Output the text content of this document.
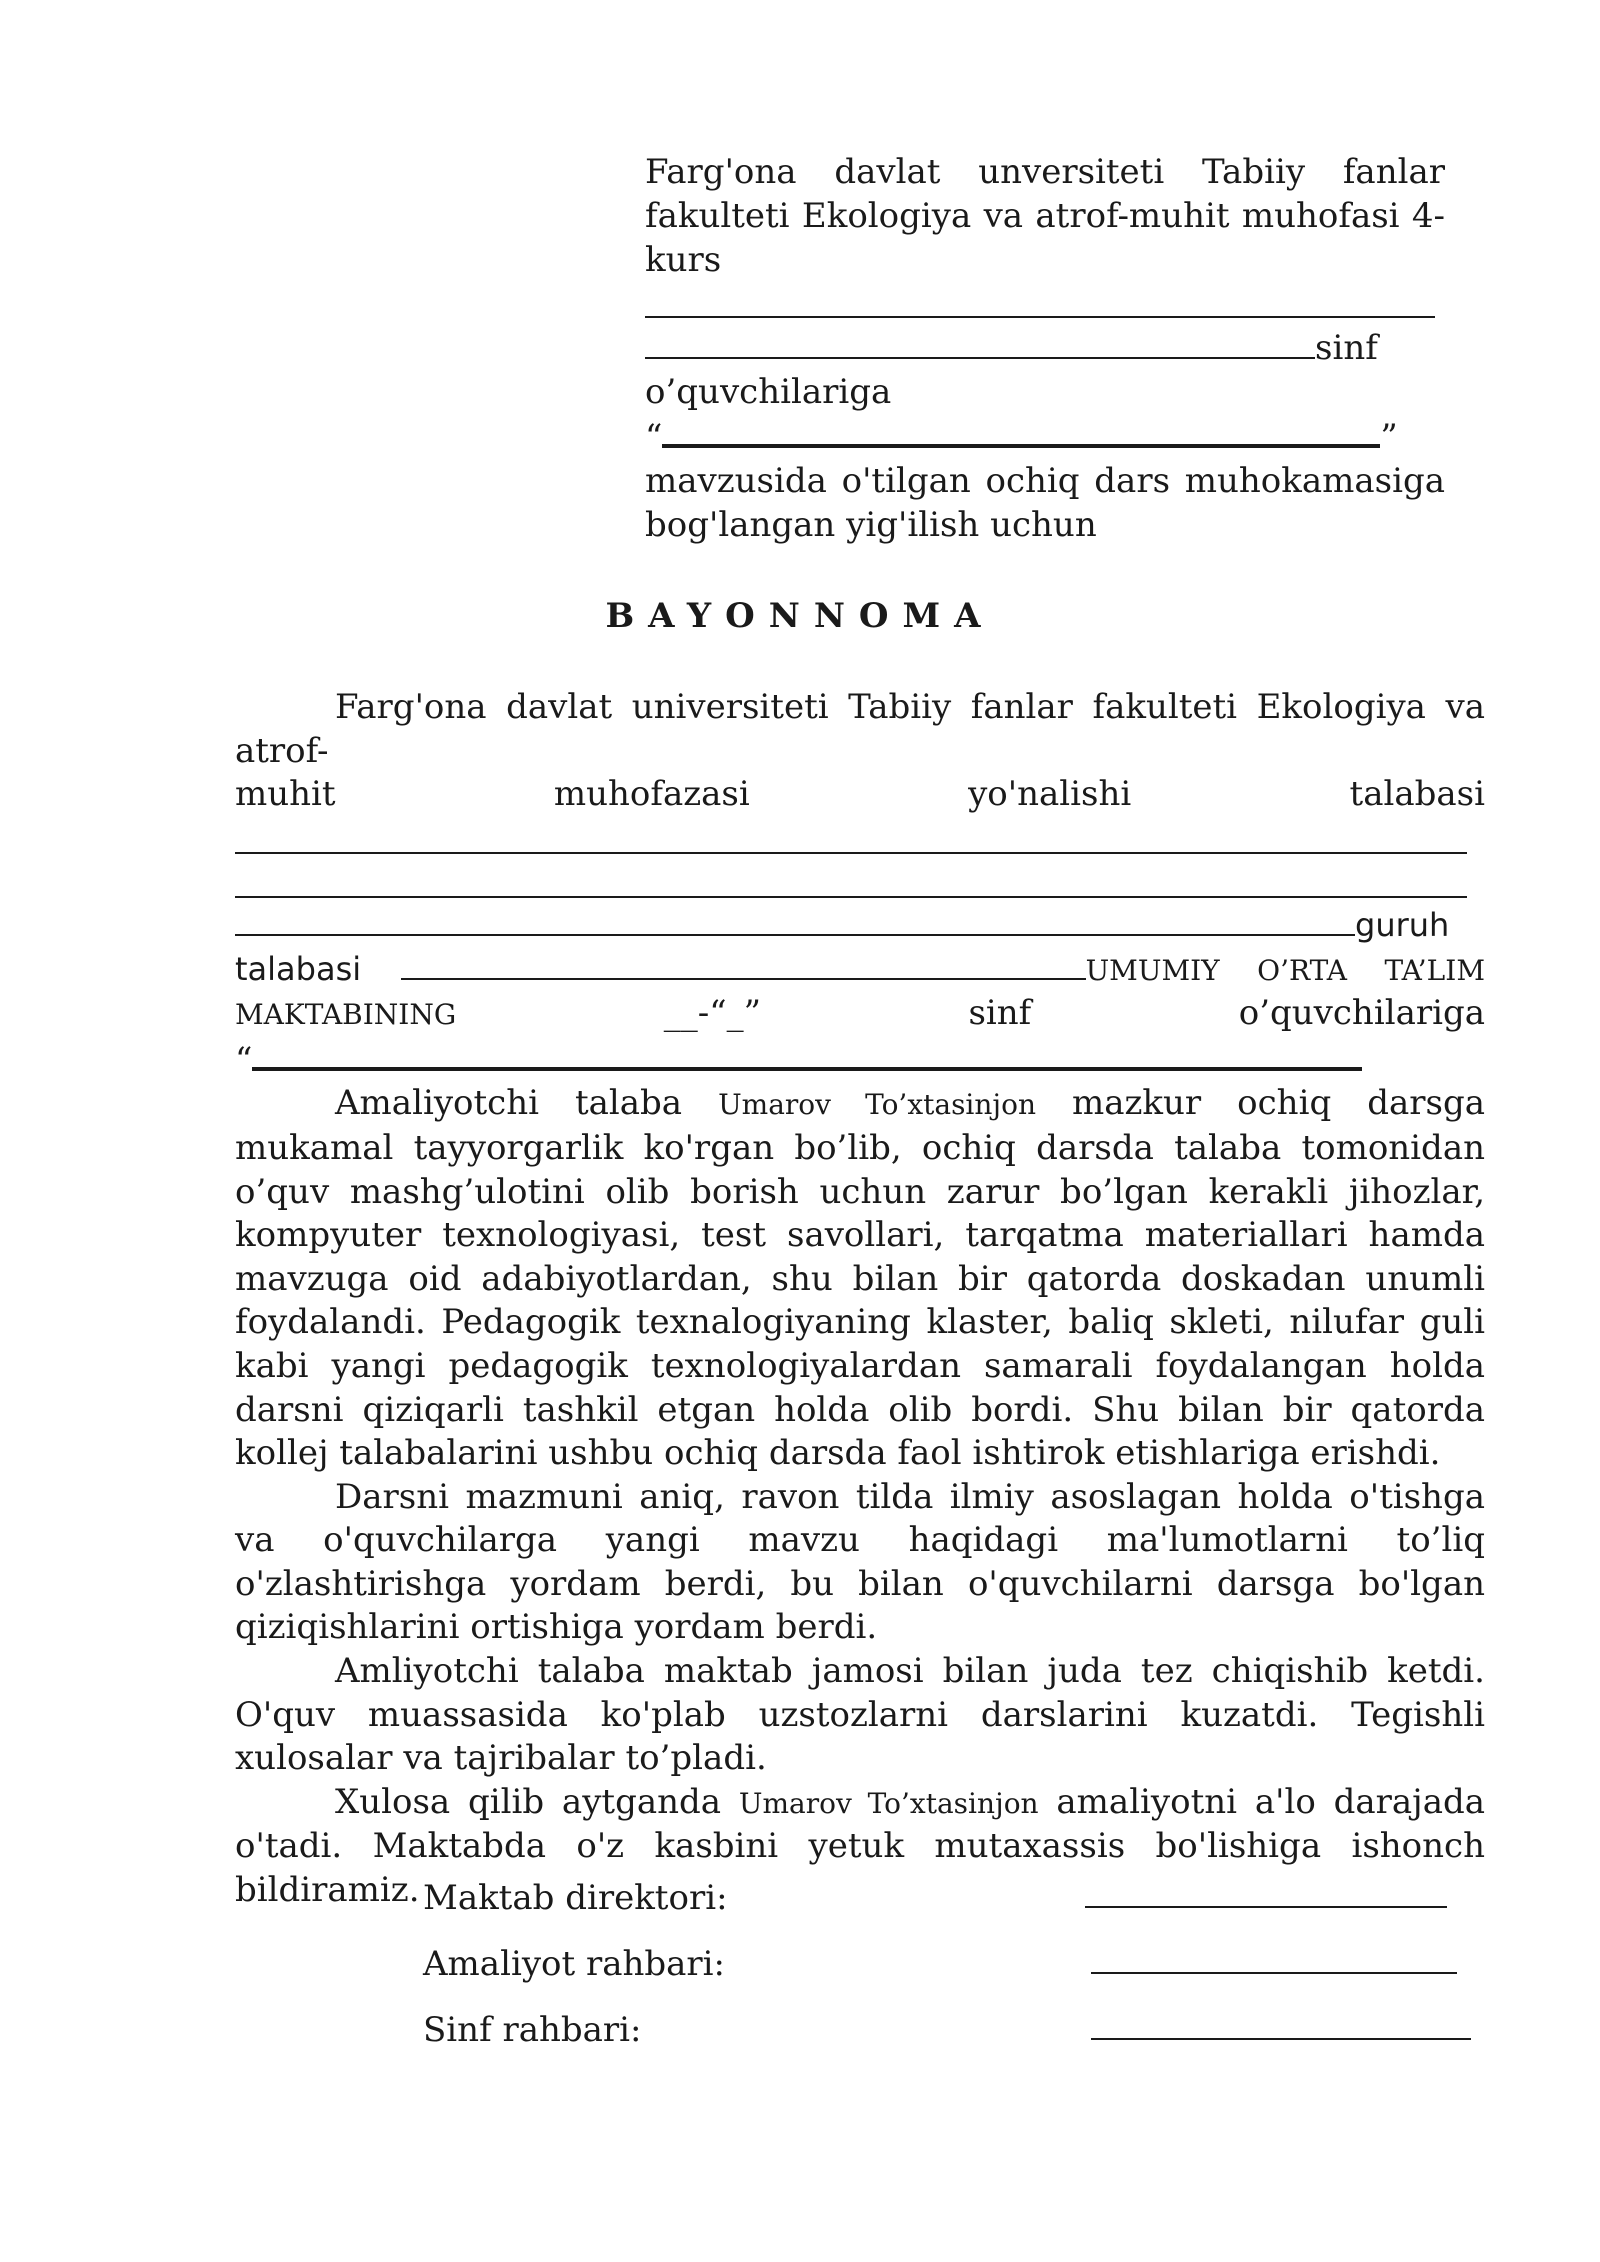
Farg'ona davlat unversiteti Tabiiy fanlar
fakulteti Ekologiya va atrof-muhit muhofasi 4-
kurs
sinf
o’quvchilariga
“	”
mavzusida o'tilgan ochiq dars muhokamasiga
bog'langan yig'ilish uchun
BAYONNOMA
Farg'ona davlat universiteti Tabiiy fanlar fakulteti Ekologiya va atrof-
muhit muhofazasi yo'nalishi talabasi
guruh
talabasi	UMUMIY O’RTA TA’LIM
MAKTABINING	__-“_”	sinf	o’quvchilariga
“

Amaliyotchi talaba Umarov To’xtasinjon mazkur ochiq darsga mukamal tayyorgarlik ko'rgan bo’lib, ochiq darsda talaba tomonidan o’quv mashg’ulotini olib borish uchun zarur bo’lgan kerakli jihozlar, kompyuter texnologiyasi, test savollari, tarqatma materiallari hamda mavzuga oid adabiyotlardan, shu bilan bir qatorda doskadan unumli foydalandi. Pedagogik texnalogiyaning klaster, baliq skleti, nilufar guli kabi yangi pedagogik texnologiyalardan samarali foydalangan holda darsni qiziqarli tashkil etgan holda olib bordi. Shu bilan bir qatorda kollej talabalarini ushbu ochiq darsda faol ishtirok etishlariga erishdi.

Darsni mazmuni aniq, ravon tilda ilmiy asoslagan holda o'tishga va o'quvchilarga yangi mavzu haqidagi ma'lumotlarni to’liq o'zlashtirishga yordam berdi, bu bilan o'quvchilarni darsga bo'lgan qiziqishlarini ortishiga yordam berdi.

Amliyotchi talaba maktab jamosi bilan juda tez chiqishib ketdi. O'quv muassasida ko'plab uzstozlarni darslarini kuzatdi. Tegishli xulosalar va tajribalar to’pladi.

Xulosa qilib aytganda Umarov To’xtasinjon amaliyotni a'lo darajada o'tadi. Maktabda o'z kasbini yetuk mutaxassis bo'lishiga ishonch bildiramiz. Maktab direktori:
Amaliyot rahbari:
Sinf rahbari:
